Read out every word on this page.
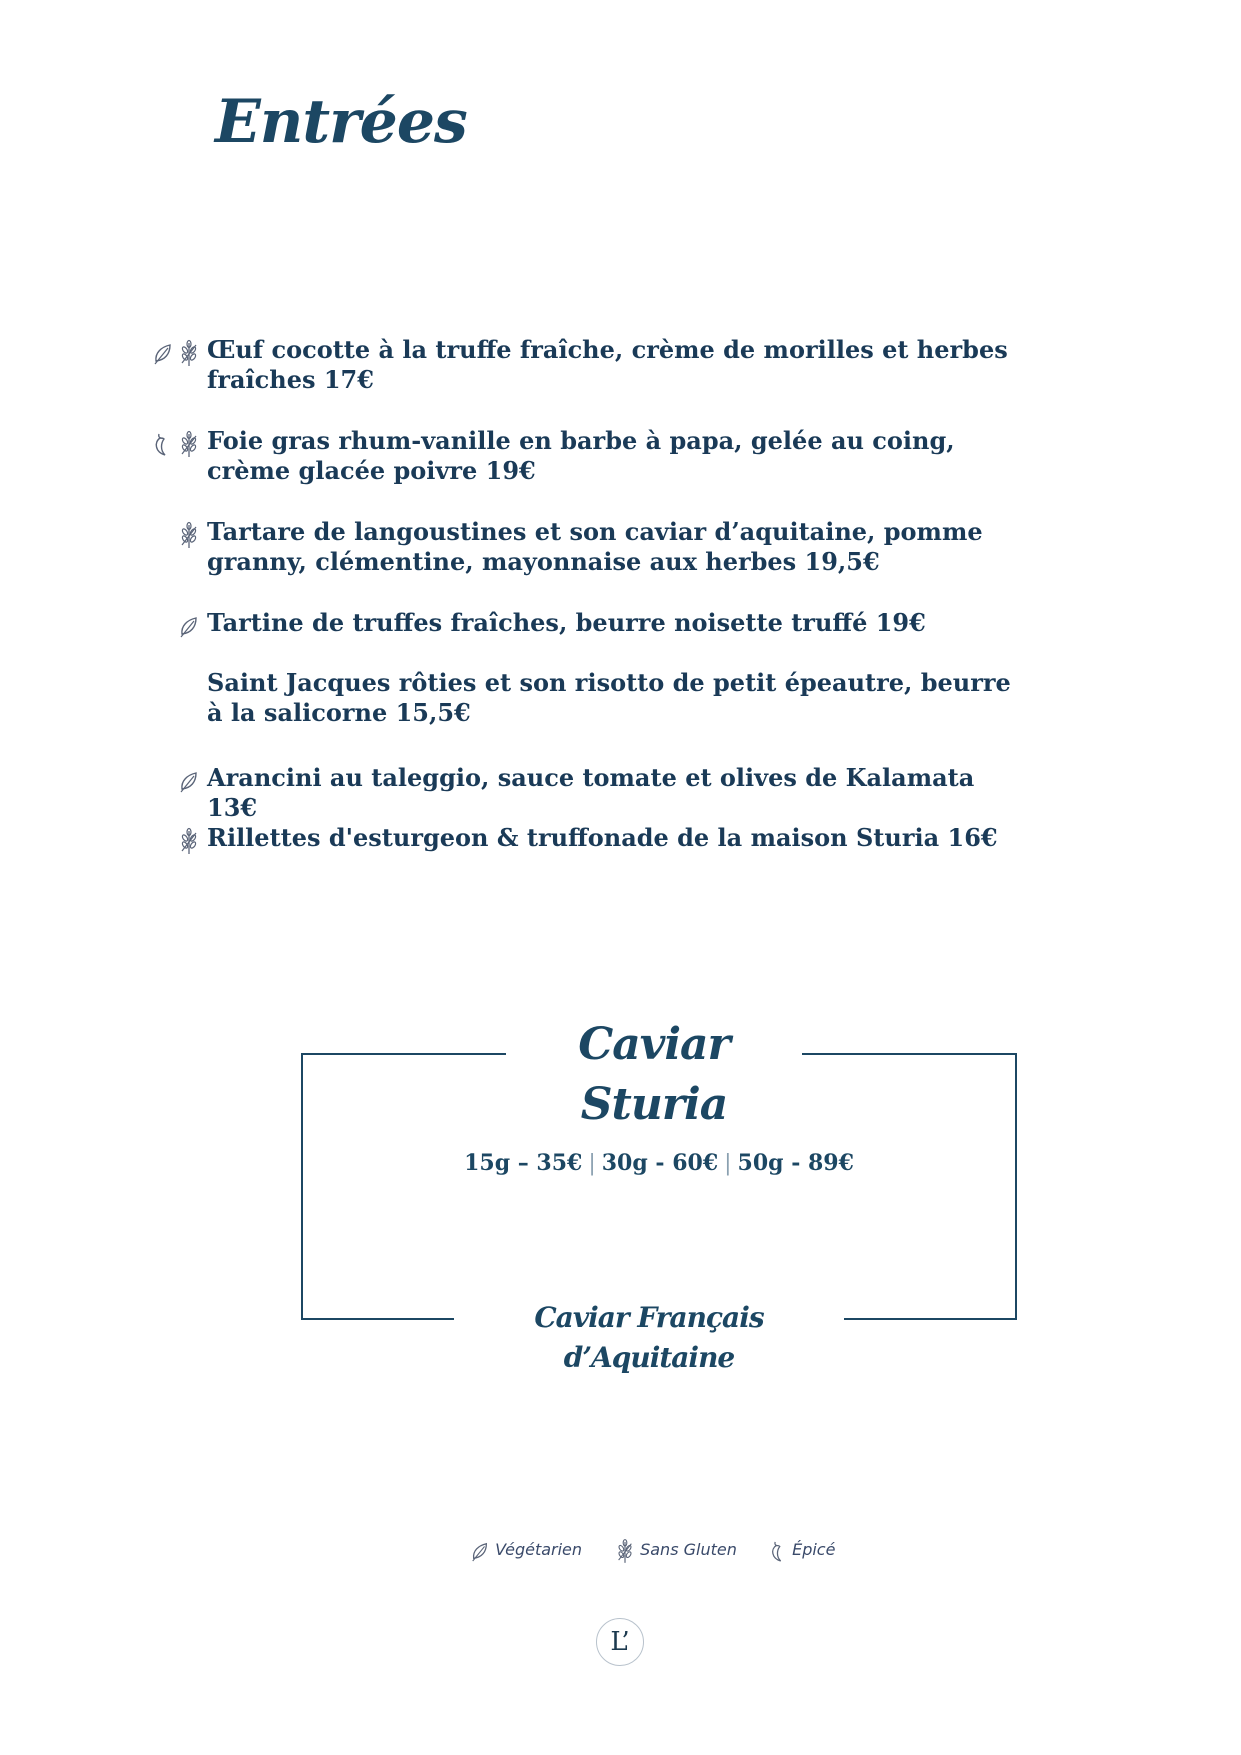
Entrées
Œuf cocotte à la truffe fraîche, crème de morilles et herbes fraîches 17€
Foie gras rhum-vanille en barbe à papa, gelée au coing, crème glacée poivre 19€
Tartare de langoustines et son caviar d’aquitaine, pomme granny, clémentine, mayonnaise aux herbes 19,5€
Tartine de truffes fraîches, beurre noisette truffé 19€
Saint Jacques rôties et son risotto de petit épeautre, beurre à la salicorne 15,5€
Arancini au taleggio, sauce tomate et olives de Kalamata 13€
Rillettes d'esturgeon & truffonade de la maison Sturia 16€
Caviar Sturia
15g – 35€ | 30g - 60€ | 50g - 89€
Caviar Français d’Aquitaine
Végétarien	Sans Gluten	Épicé
L’
